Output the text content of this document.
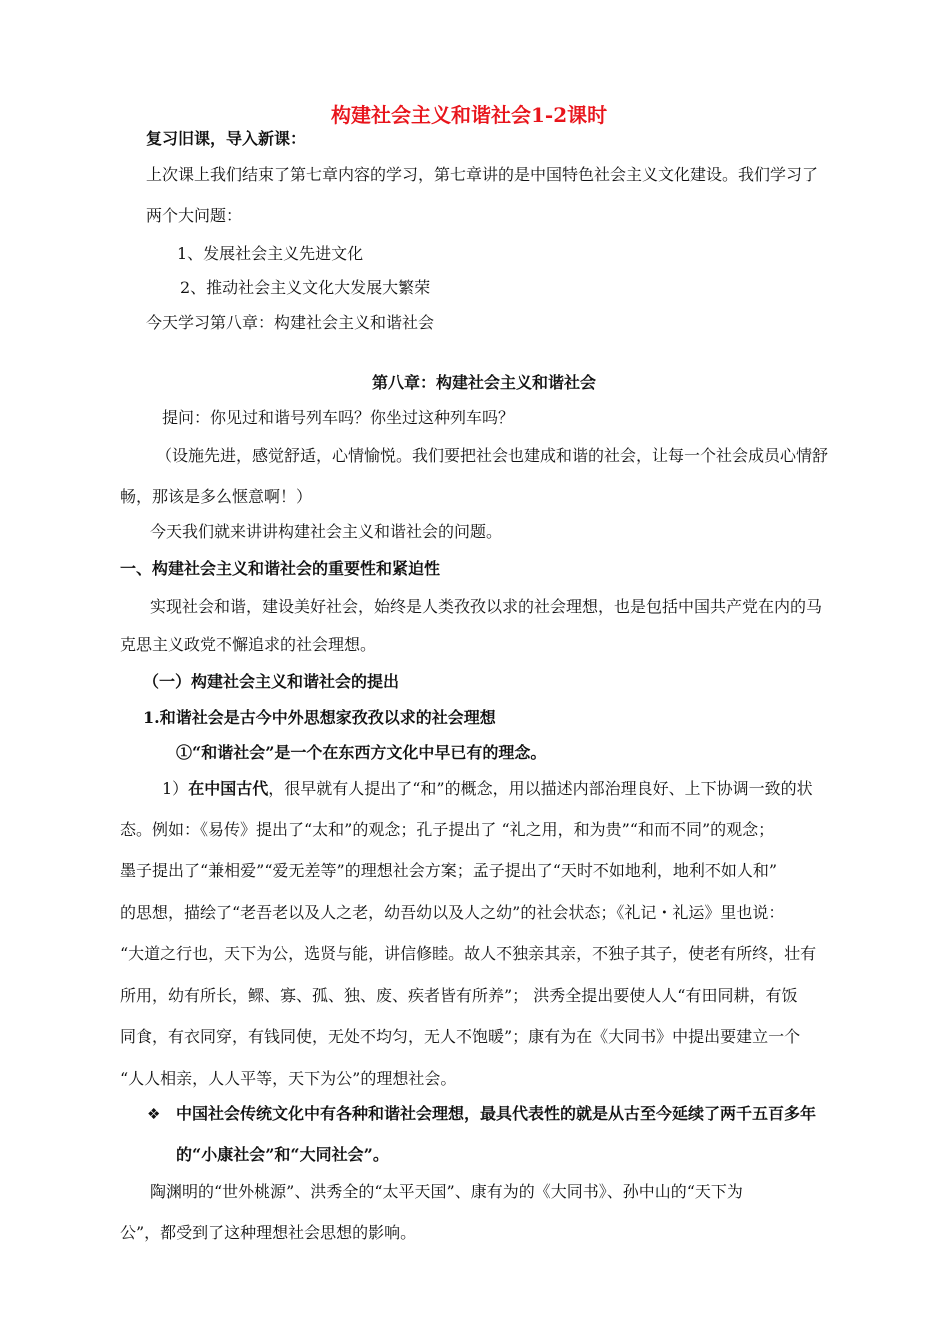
构建社会主义和谐社会1-2课时
复习旧课，导入新课：
上次课上我们结束了第七章内容的学习，第七章讲的是中国特色社会主义文化建设。我们学习了
两个大问题：
1、发展社会主义先进文化
2、推动社会主义文化大发展大繁荣
今天学习第八章：构建社会主义和谐社会
第八章：构建社会主义和谐社会
提问：你见过和谐号列车吗？你坐过这种列车吗？
（设施先进，感觉舒适，心情愉悦。我们要把社会也建成和谐的社会，让每一个社会成员心情舒
畅，那该是多么惬意啊！）
今天我们就来讲讲构建社会主义和谐社会的问题。
一、构建社会主义和谐社会的重要性和紧迫性
实现社会和谐，建设美好社会，始终是人类孜孜以求的社会理想，也是包括中国共产党在内的马
克思主义政党不懈追求的社会理想。
（一）构建社会主义和谐社会的提出
1.和谐社会是古今中外思想家孜孜以求的社会理想
①“和谐社会”是一个在东西方文化中早已有的理念。
1）在中国古代，很早就有人提出了“和”的概念，用以描述内部治理良好、上下协调一致的状
态。例如：《易传》提出了“太和”的观念；孔子提出了 “礼之用，和为贵”“和而不同”的观念；
墨子提出了“兼相爱”“爱无差等”的理想社会方案；孟子提出了“天时不如地利，地利不如人和”
的思想，描绘了“老吾老以及人之老，幼吾幼以及人之幼”的社会状态；《礼记・礼运》里也说：
“大道之行也，天下为公，选贤与能，讲信修睦。故人不独亲其亲，不独子其子，使老有所终，壮有
所用，幼有所长，鳏、寡、孤、独、废、疾者皆有所养”； 洪秀全提出要使人人“有田同耕，有饭
同食，有衣同穿，有钱同使，无处不均匀，无人不饱暖”；康有为在《大同书》中提出要建立一个
“人人相亲，人人平等，天下为公”的理想社会。
❖ 中国社会传统文化中有各种和谐社会理想，最具代表性的就是从古至今延续了两千五百多年
的“小康社会”和“大同社会”。
陶渊明的“世外桃源”、洪秀全的“太平天国”、康有为的《大同书》、孙中山的“天下为
公”，都受到了这种理想社会思想的影响。
